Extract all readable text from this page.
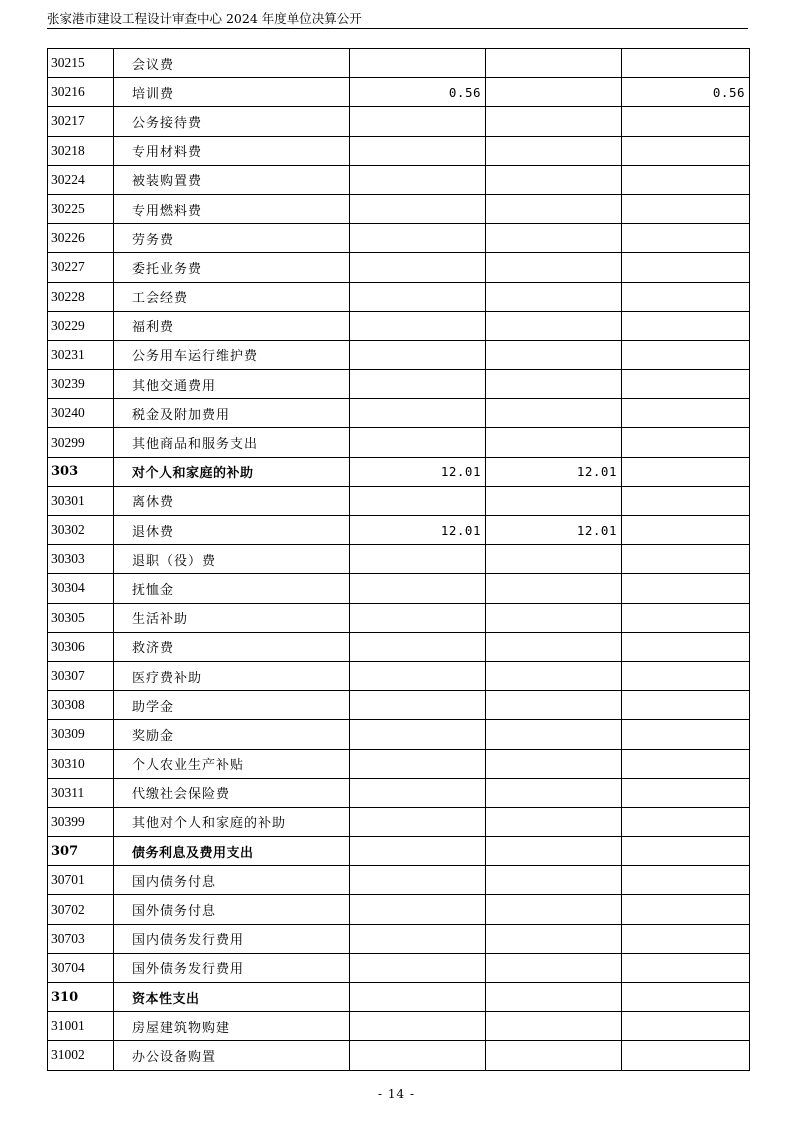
张家港市建设工程设计审查中心 2024 年度单位决算公开
30215	会议费			
30216	培训费	0.56		0.56
30217	公务接待费			
30218	专用材料费			
30224	被装购置费			
30225	专用燃料费			
30226	劳务费			
30227	委托业务费			
30228	工会经费			
30229	福利费			
30231	公务用车运行维护费			
30239	其他交通费用			
30240	税金及附加费用			
30299	其他商品和服务支出			
303	对个人和家庭的补助	12.01	12.01	
30301	离休费			
30302	退休费	12.01	12.01	
30303	退职（役）费			
30304	抚恤金			
30305	生活补助			
30306	救济费			
30307	医疗费补助			
30308	助学金			
30309	奖励金			
30310	个人农业生产补贴			
30311	代缴社会保险费			
30399	其他对个人和家庭的补助			
307	债务利息及费用支出			
30701	国内债务付息			
30702	国外债务付息			
30703	国内债务发行费用			
30704	国外债务发行费用			
310	资本性支出			
31001	房屋建筑物购建			
31002	办公设备购置			
- 14 -
